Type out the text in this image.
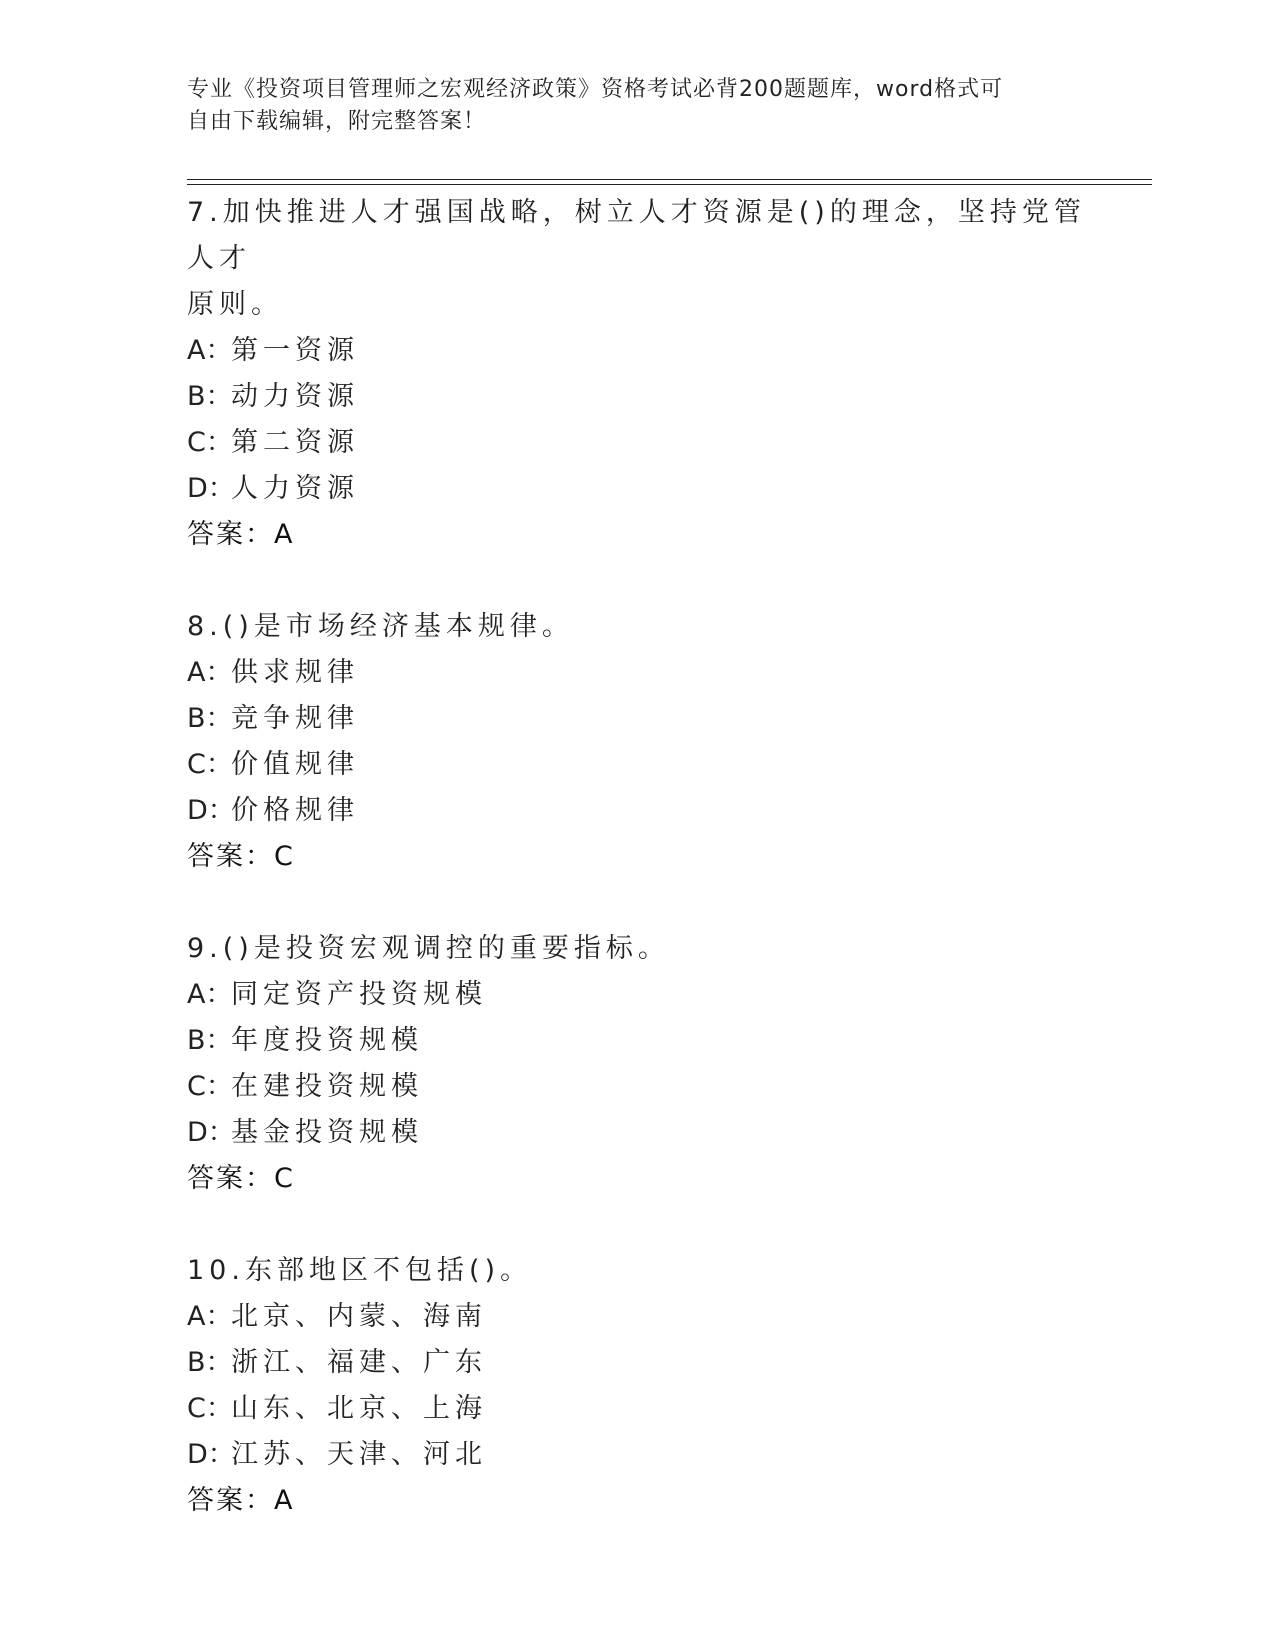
专业《投资项目管理师之宏观经济政策》资格考试必背200题题库，word格式可
自由下载编辑，附完整答案！
7.加快推进人才强国战略，树立人才资源是()的理念，坚持党管人才
原则。
A：第一资源
B：动力资源
C：第二资源
D：人力资源
答案：A
8.()是市场经济基本规律。
A：供求规律
B：竞争规律
C：价值规律
D：价格规律
答案：C
9.()是投资宏观调控的重要指标。
A：同定资产投资规模
B：年度投资规模
C：在建投资规模
D：基金投资规模
答案：C
10.东部地区不包括()。
A：北京、内蒙、海南
B：浙江、福建、广东
C：山东、北京、上海
D：江苏、天津、河北
答案：A
